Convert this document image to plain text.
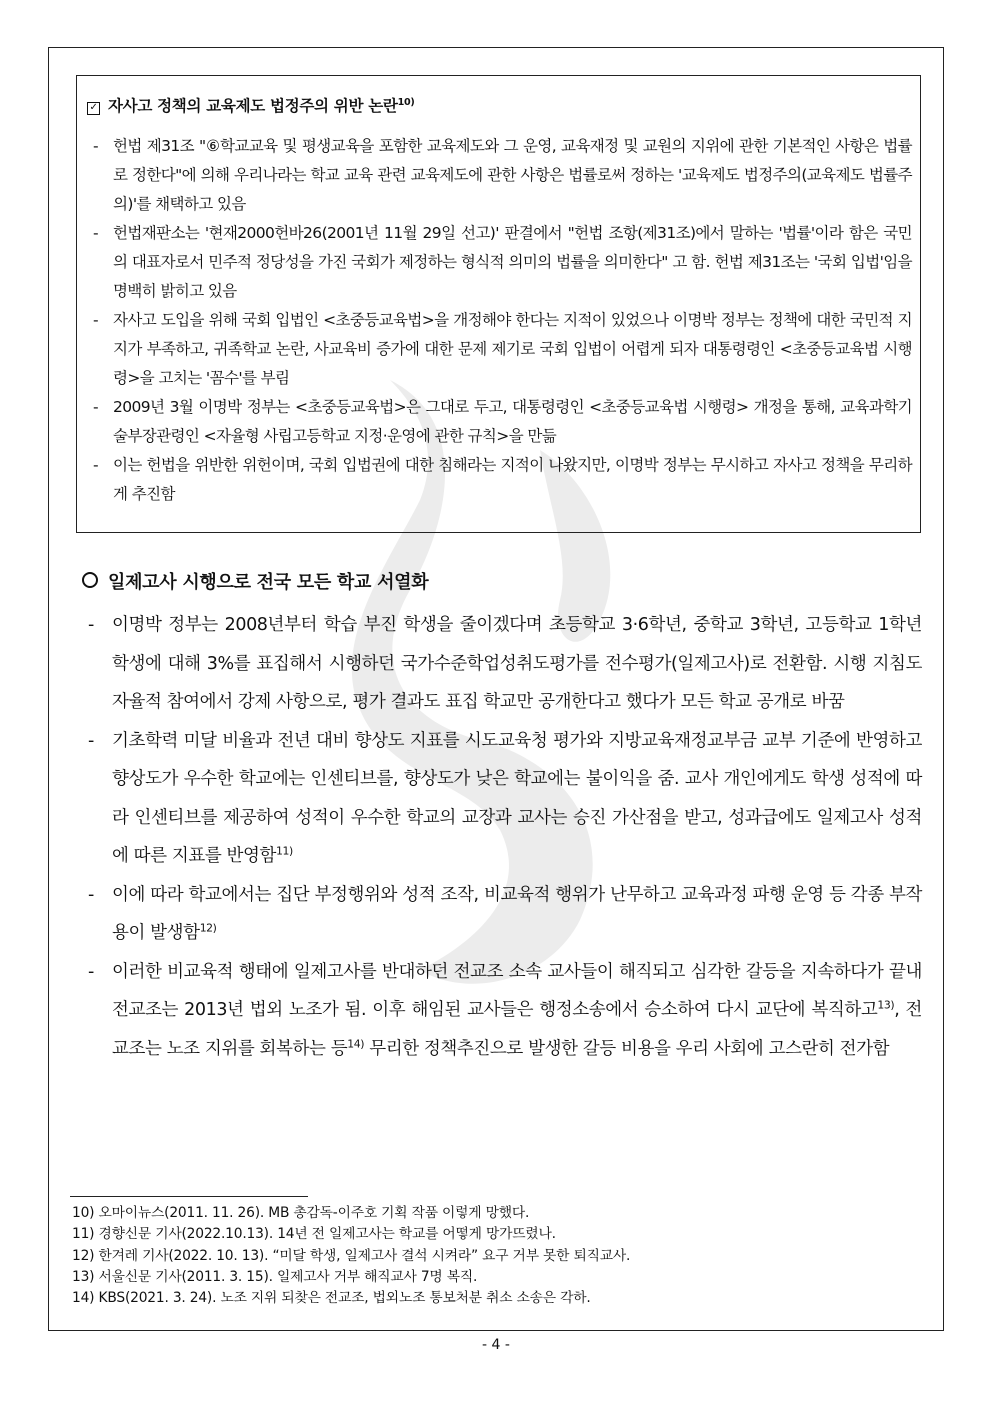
✓ 자사고 정책의 교육제도 법정주의 위반 논란$^{10)}$
- 헌법 제31조 "⑥학교교육 및 평생교육을 포함한 교육제도와 그 운영, 교육재정 및 교원의 지위에 관한 기본적인 사항은 법률로 정한다"에 의해 우리나라는 학교 교육 관련 교육제도에 관한 사항은 법률로써 정하는 '교육제도 법정주의(교육제도 법률주의)'를 채택하고 있음
- 헌법재판소는 '현재2000헌바26(2001년 11월 29일 선고)' 판결에서 "헌법 조항(제31조)에서 말하는 '법률'이라 함은 국민의 대표자로서 민주적 정당성을 가진 국회가 제정하는 형식적 의미의 법률을 의미한다" 고 함. 헌법 제31조는 '국회 입법'임을 명백히 밝히고 있음
- 자사고 도입을 위해 국회 입법인 <초중등교육법>을 개정해야 한다는 지적이 있었으나 이명박 정부는 정책에 대한 국민적 지지가 부족하고, 귀족학교 논란, 사교육비 증가에 대한 문제 제기로 국회 입법이 어렵게 되자 대통령령인 <초중등교육법 시행령>을 고치는 '꼼수'를 부림
- 2009년 3월 이명박 정부는 <초중등교육법>은 그대로 두고, 대통령령인 <초중등교육법 시행령> 개정을 통해, 교육과학기술부장관령인 <자율형 사립고등학교 지정·운영에 관한 규칙>을 만듦
- 이는 헌법을 위반한 위헌이며, 국회 입법권에 대한 침해라는 지적이 나왔지만, 이명박 정부는 무시하고 자사고 정책을 무리하게 추진함
일제고사 시행으로 전국 모든 학교 서열화
- 이명박 정부는 2008년부터 학습 부진 학생을 줄이겠다며 초등학교 3·6학년, 중학교 3학년, 고등학교 1학년 학생에 대해 3%를 표집해서 시행하던 국가수준학업성취도평가를 전수평가(일제고사)로 전환함. 시행 지침도 자율적 참여에서 강제 사항으로, 평가 결과도 표집 학교만 공개한다고 했다가 모든 학교 공개로 바꿈
- 기초학력 미달 비율과 전년 대비 향상도 지표를 시도교육청 평가와 지방교육재정교부금 교부 기준에 반영하고 향상도가 우수한 학교에는 인센티브를, 향상도가 낮은 학교에는 불이익을 줌. 교사 개인에게도 학생 성적에 따라 인센티브를 제공하여 성적이 우수한 학교의 교장과 교사는 승진 가산점을 받고, 성과급에도 일제고사 성적에 따른 지표를 반영함$^{11)}$
- 이에 따라 학교에서는 집단 부정행위와 성적 조작, 비교육적 행위가 난무하고 교육과정 파행 운영 등 각종 부작용이 발생함$^{12)}$
- 이러한 비교육적 행태에 일제고사를 반대하던 전교조 소속 교사들이 해직되고 심각한 갈등을 지속하다가 끝내 전교조는 2013년 법외 노조가 됨. 이후 해임된 교사들은 행정소송에서 승소하여 다시 교단에 복직하고$^{13)}$, 전교조는 노조 지위를 회복하는 등$^{14)}$ 무리한 정책추진으로 발생한 갈등 비용을 우리 사회에 고스란히 전가함
10) 오마이뉴스(2011. 11. 26). MB 총감독-이주호 기획 작품 이렇게 망했다.
11) 경향신문 기사(2022.10.13). 14년 전 일제고사는 학교를 어떻게 망가뜨렸나.
12) 한겨레 기사(2022. 10. 13). “미달 학생, 일제고사 결석 시켜라” 요구 거부 못한 퇴직교사.
13) 서울신문 기사(2011. 3. 15). 일제고사 거부 해직교사 7명 복직.
14) KBS(2021. 3. 24). 노조 지위 되찾은 전교조, 법외노조 통보처분 취소 소송은 각하.
- 4 -
